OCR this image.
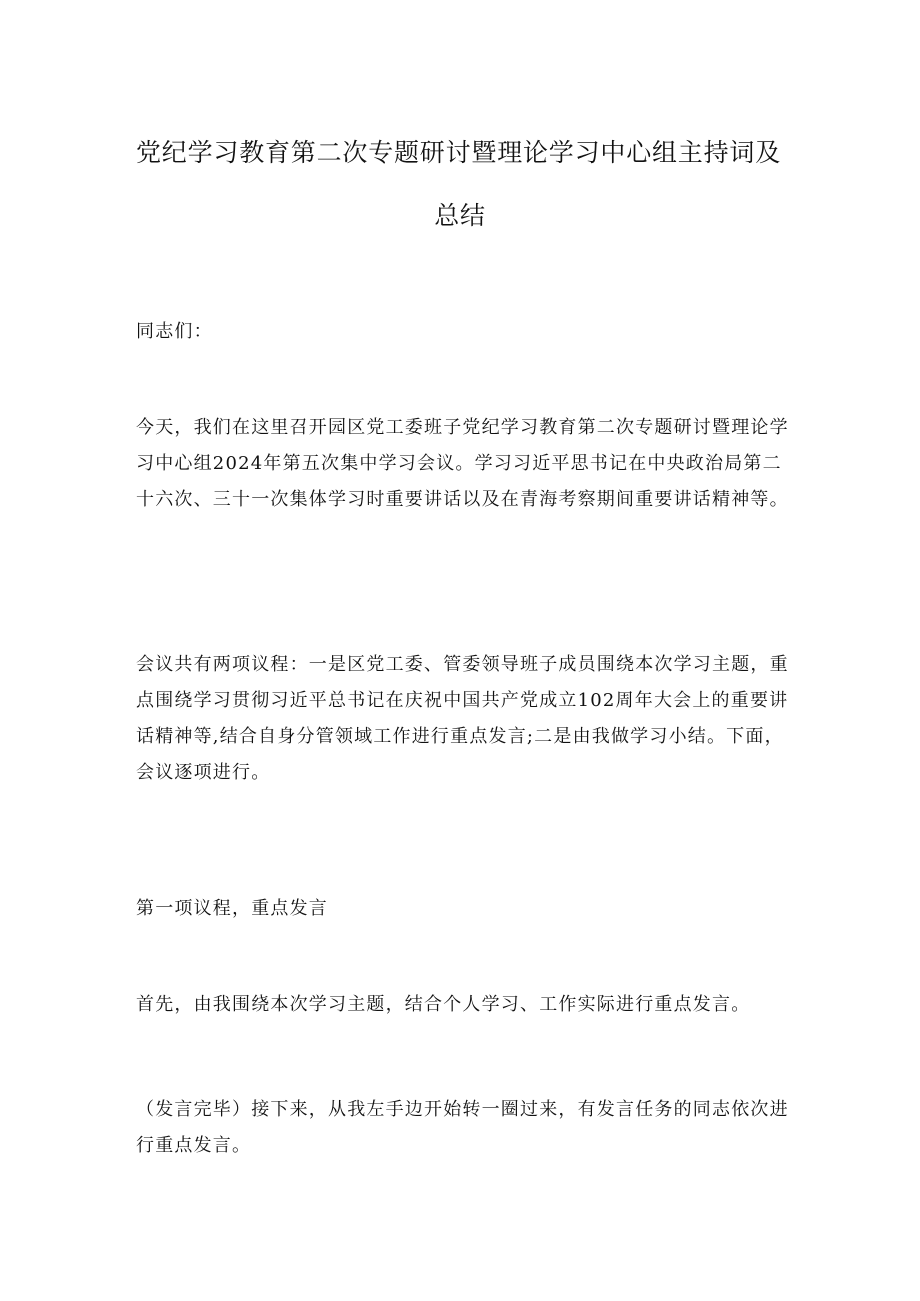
党纪学习教育第二次专题研讨暨理论学习中心组主持词及
总结

同志们：

今天，我们在这里召开园区党工委班子党纪学习教育第二次专题研讨暨理论学习中心组2024年第五次集中学习会议。学习习近平思书记在中央政治局第二十六次、三十一次集体学习时重要讲话以及在青海考察期间重要讲话精神等。

会议共有两项议程：一是区党工委、管委领导班子成员围绕本次学习主题，重点围绕学习贯彻习近平总书记在庆祝中国共产党成立102周年大会上的重要讲话精神等,结合自身分管领域工作进行重点发言;二是由我做学习小结。下面，会议逐项进行。

第一项议程，重点发言

首先，由我围绕本次学习主题，结合个人学习、工作实际进行重点发言。

（发言完毕）接下来，从我左手边开始转一圈过来，有发言任务的同志依次进行重点发言。
